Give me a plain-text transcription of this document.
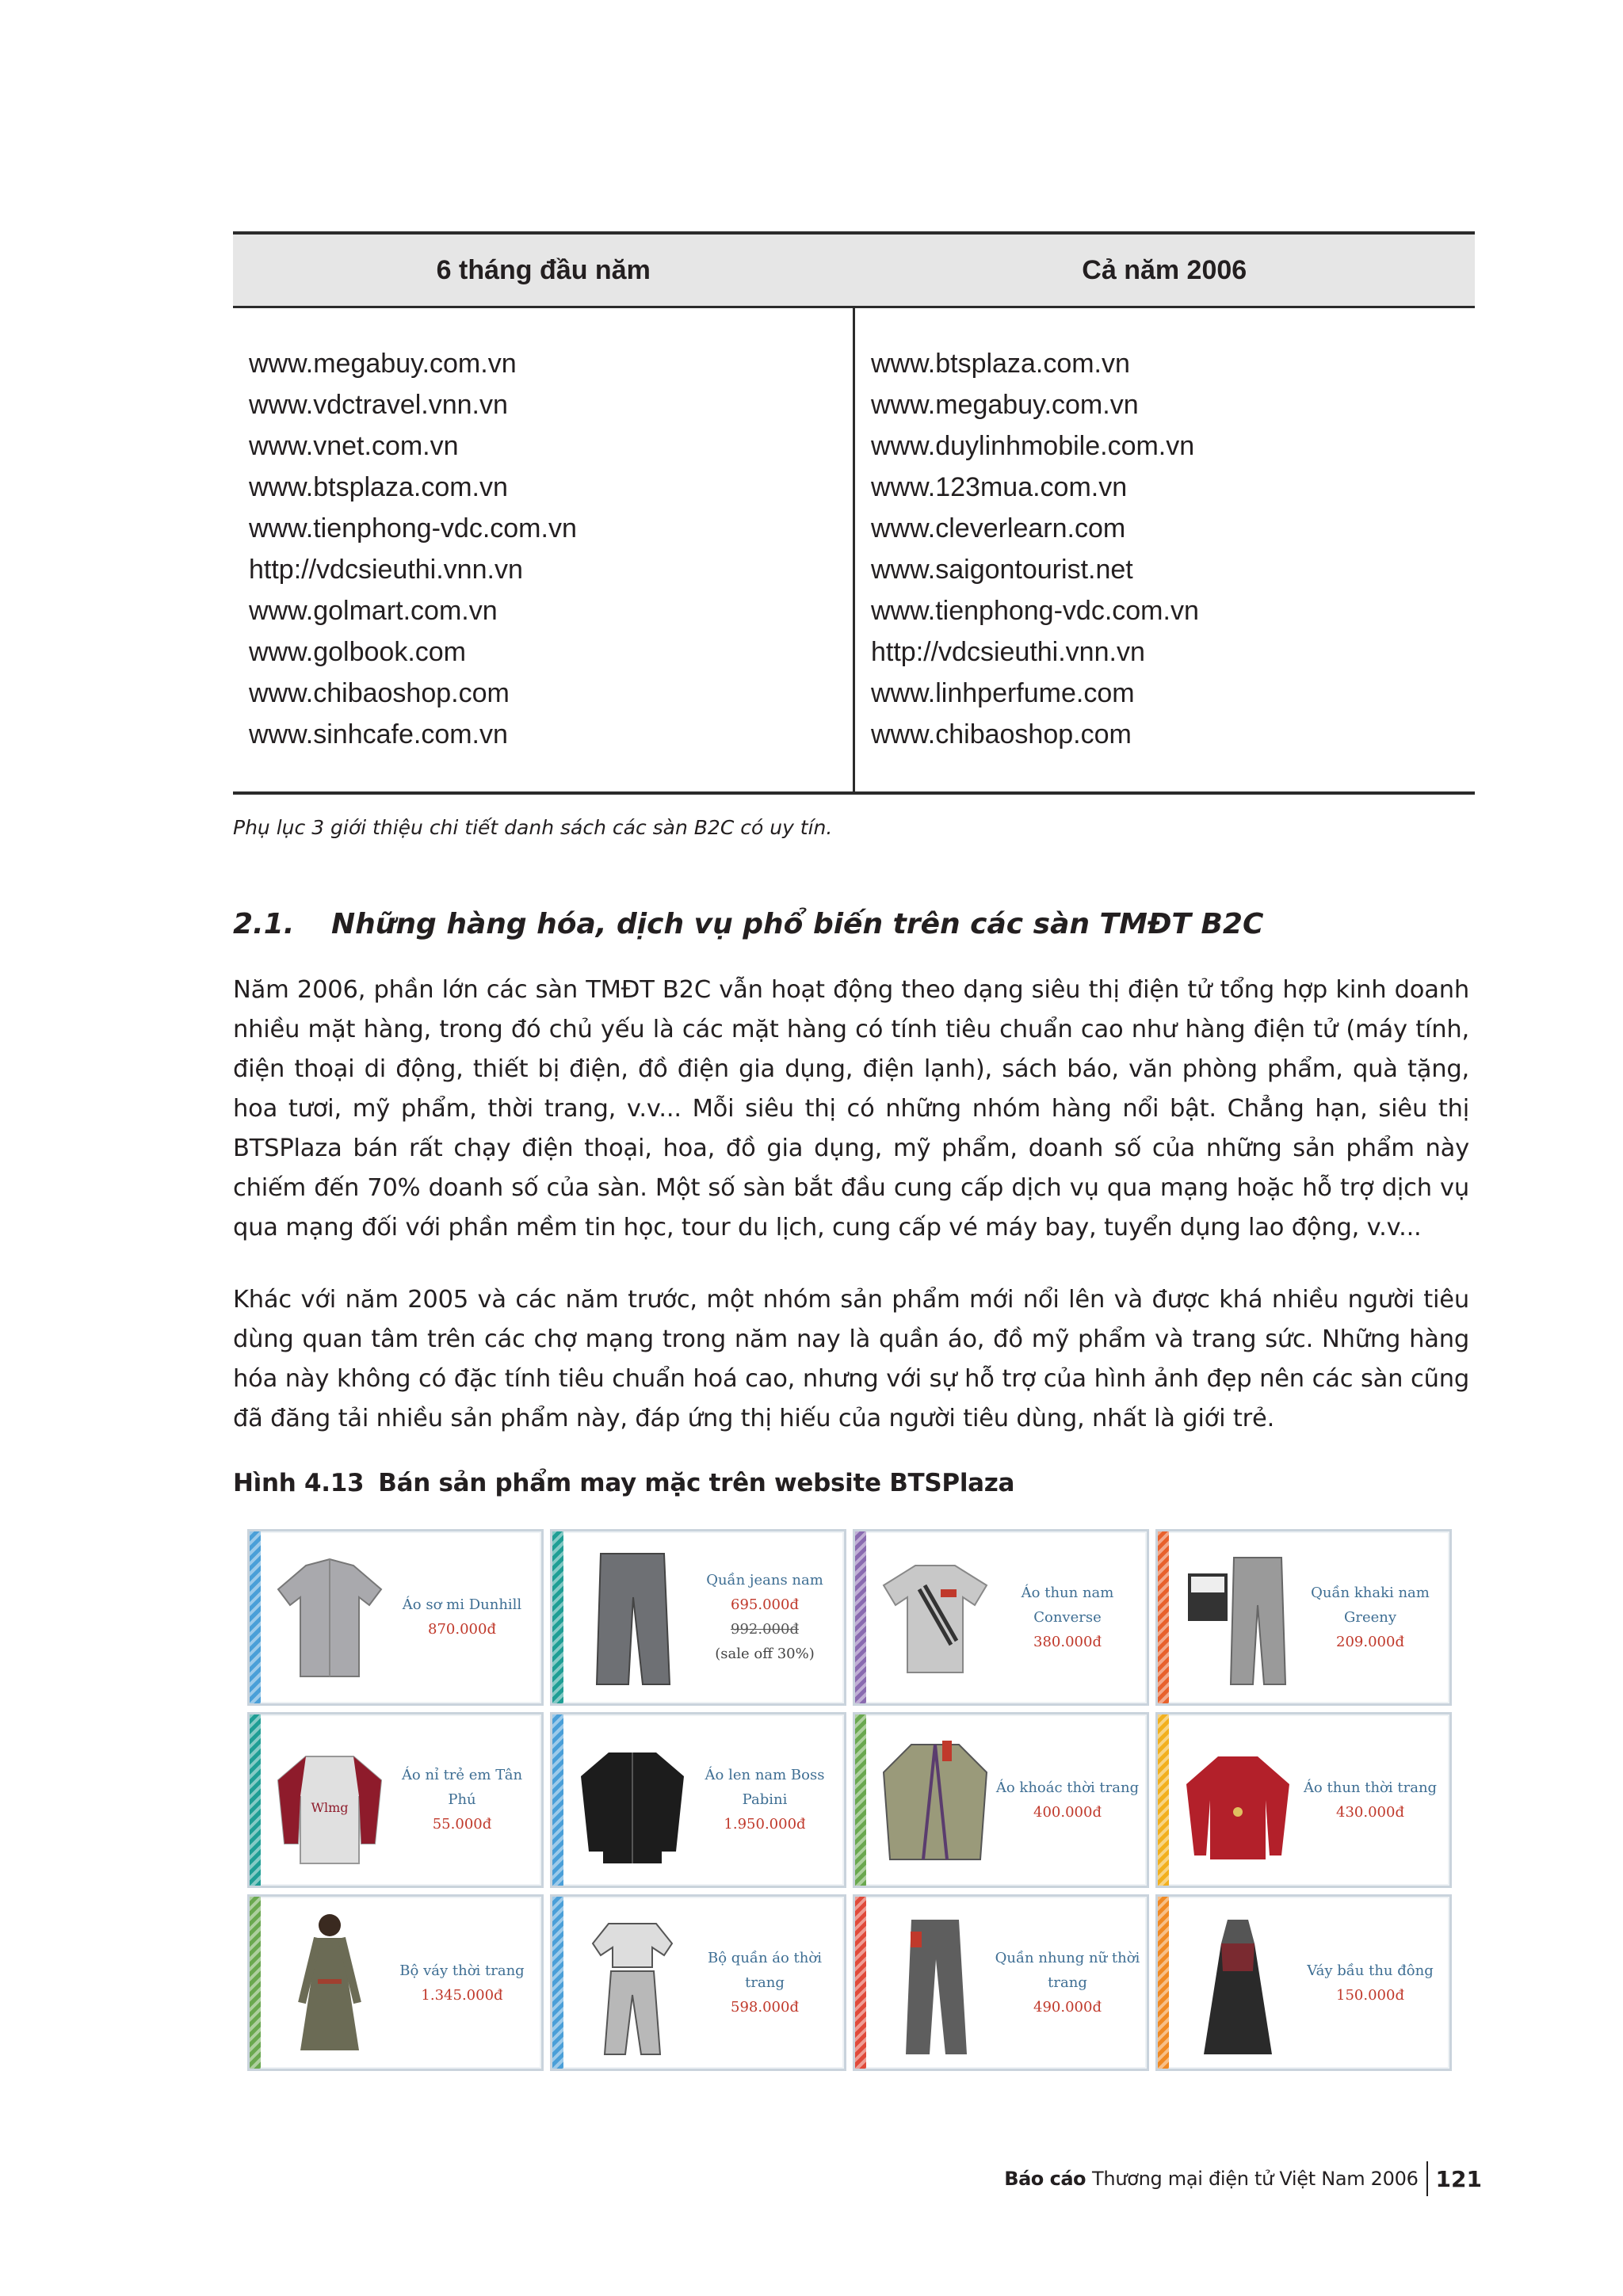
6 tháng đầu năm	Cả năm 2006
www.megabuy.com.vn
www.vdctravel.vnn.vn
www.vnet.com.vn
www.btsplaza.com.vn
www.tienphong-vdc.com.vn
http://vdcsieuthi.vnn.vn
www.golmart.com.vn
www.golbook.com
www.chibaoshop.com
www.sinhcafe.com.vn
www.btsplaza.com.vn
www.megabuy.com.vn
www.duylinhmobile.com.vn
www.123mua.com.vn
www.cleverlearn.com
www.saigontourist.net
www.tienphong-vdc.com.vn
http://vdcsieuthi.vnn.vn
www.linhperfume.com
www.chibaoshop.com
Phụ lục 3 giới thiệu chi tiết danh sách các sàn B2C có uy tín.
2.1. Những hàng hóa, dịch vụ phổ biến trên các sàn TMĐT B2C

Năm 2006, phần lớn các sàn TMĐT B2C vẫn hoạt động theo dạng siêu thị điện tử tổng hợp kinh doanh nhiều mặt hàng, trong đó chủ yếu là các mặt hàng có tính tiêu chuẩn cao như hàng điện tử (máy tính, điện thoại di động, thiết bị điện, đồ điện gia dụng, điện lạnh), sách báo, văn phòng phẩm, quà tặng, hoa tươi, mỹ phẩm, thời trang, v.v... Mỗi siêu thị có những nhóm hàng nổi bật. Chẳng hạn, siêu thị BTSPlaza bán rất chạy điện thoại, hoa, đồ gia dụng, mỹ phẩm, doanh số của những sản phẩm này chiếm đến 70% doanh số của sàn. Một số sàn bắt đầu cung cấp dịch vụ qua mạng hoặc hỗ trợ dịch vụ qua mạng đối với phần mềm tin học, tour du lịch, cung cấp vé máy bay, tuyển dụng lao động, v.v...

Khác với năm 2005 và các năm trước, một nhóm sản phẩm mới nổi lên và được khá nhiều người tiêu dùng quan tâm trên các chợ mạng trong năm nay là quần áo, đồ mỹ phẩm và trang sức. Những hàng hóa này không có đặc tính tiêu chuẩn hoá cao, nhưng với sự hỗ trợ của hình ảnh đẹp nên các sàn cũng đã đăng tải nhiều sản phẩm này, đáp ứng thị hiếu của người tiêu dùng, nhất là giới trẻ.

Hình 4.13 Bán sản phẩm may mặc trên website BTSPlaza
Áo sơ mi Dunhill
870.000đ
Quần jeans nam
695.000đ
992.000đ
(sale off 30%)
Áo thun nam Converse
380.000đ
Quần khaki nam Greeny
209.000đ
Wlmg
Áo nỉ trẻ em Tân Phú
55.000đ
Áo len nam Boss Pabini
1.950.000đ
Áo khoác thời trang
400.000đ
Áo thun thời trang
430.000đ
Bộ váy thời trang
1.345.000đ
Bộ quần áo thời trang
598.000đ
Quần nhung nữ thời trang
490.000đ
Váy bầu thu đông
150.000đ
Báo cáo Thương mại điện tử Việt Nam 2006 121
